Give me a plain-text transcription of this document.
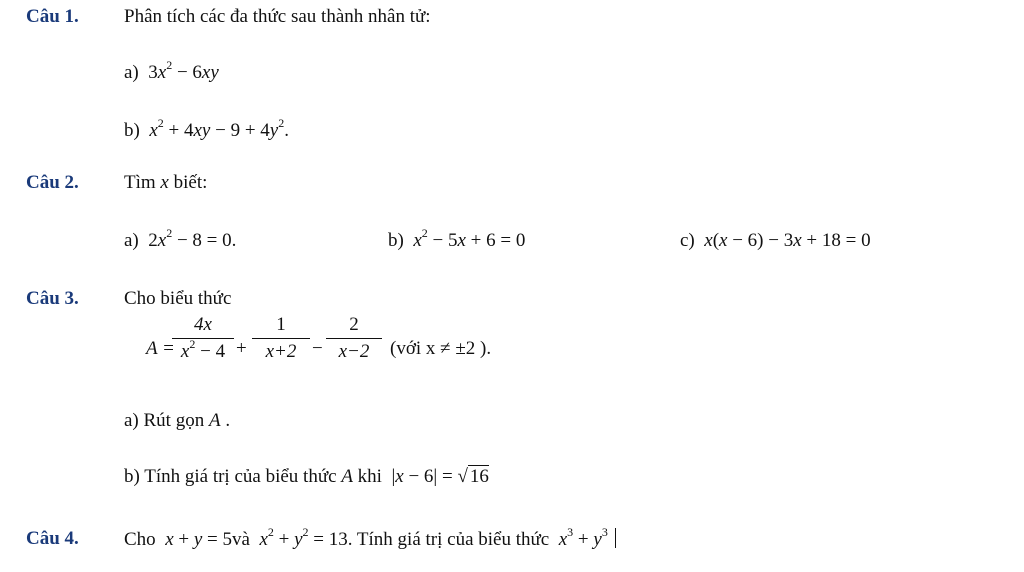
Câu 1. Phân tích các đa thức sau thành nhân tử:
a)  $3x^2 - 6xy$
b) $x^2 + 4xy - 9 + 4y^2$.
Câu 2. Tìm x biết:
a)  $2x^2 - 8 = 0$.	b) $x^2 - 5x + 6 = 0$	c) x(x − 6) − 3x + 18 = 0
Câu 3. Cho biểu thức
A =
4x
$x^2 - 4$ +
1
x+2 −
2
x−2	(với x ≠ ±2 ).
a) Rút gọn A .
b) Tính giá trị của biểu thức A khi  |x − 6| = √ 16
Câu 4. Cho x + y = 5và $x^2 + y^2 = 13$. Tính giá trị của biểu thức $x^3 + y^3$
